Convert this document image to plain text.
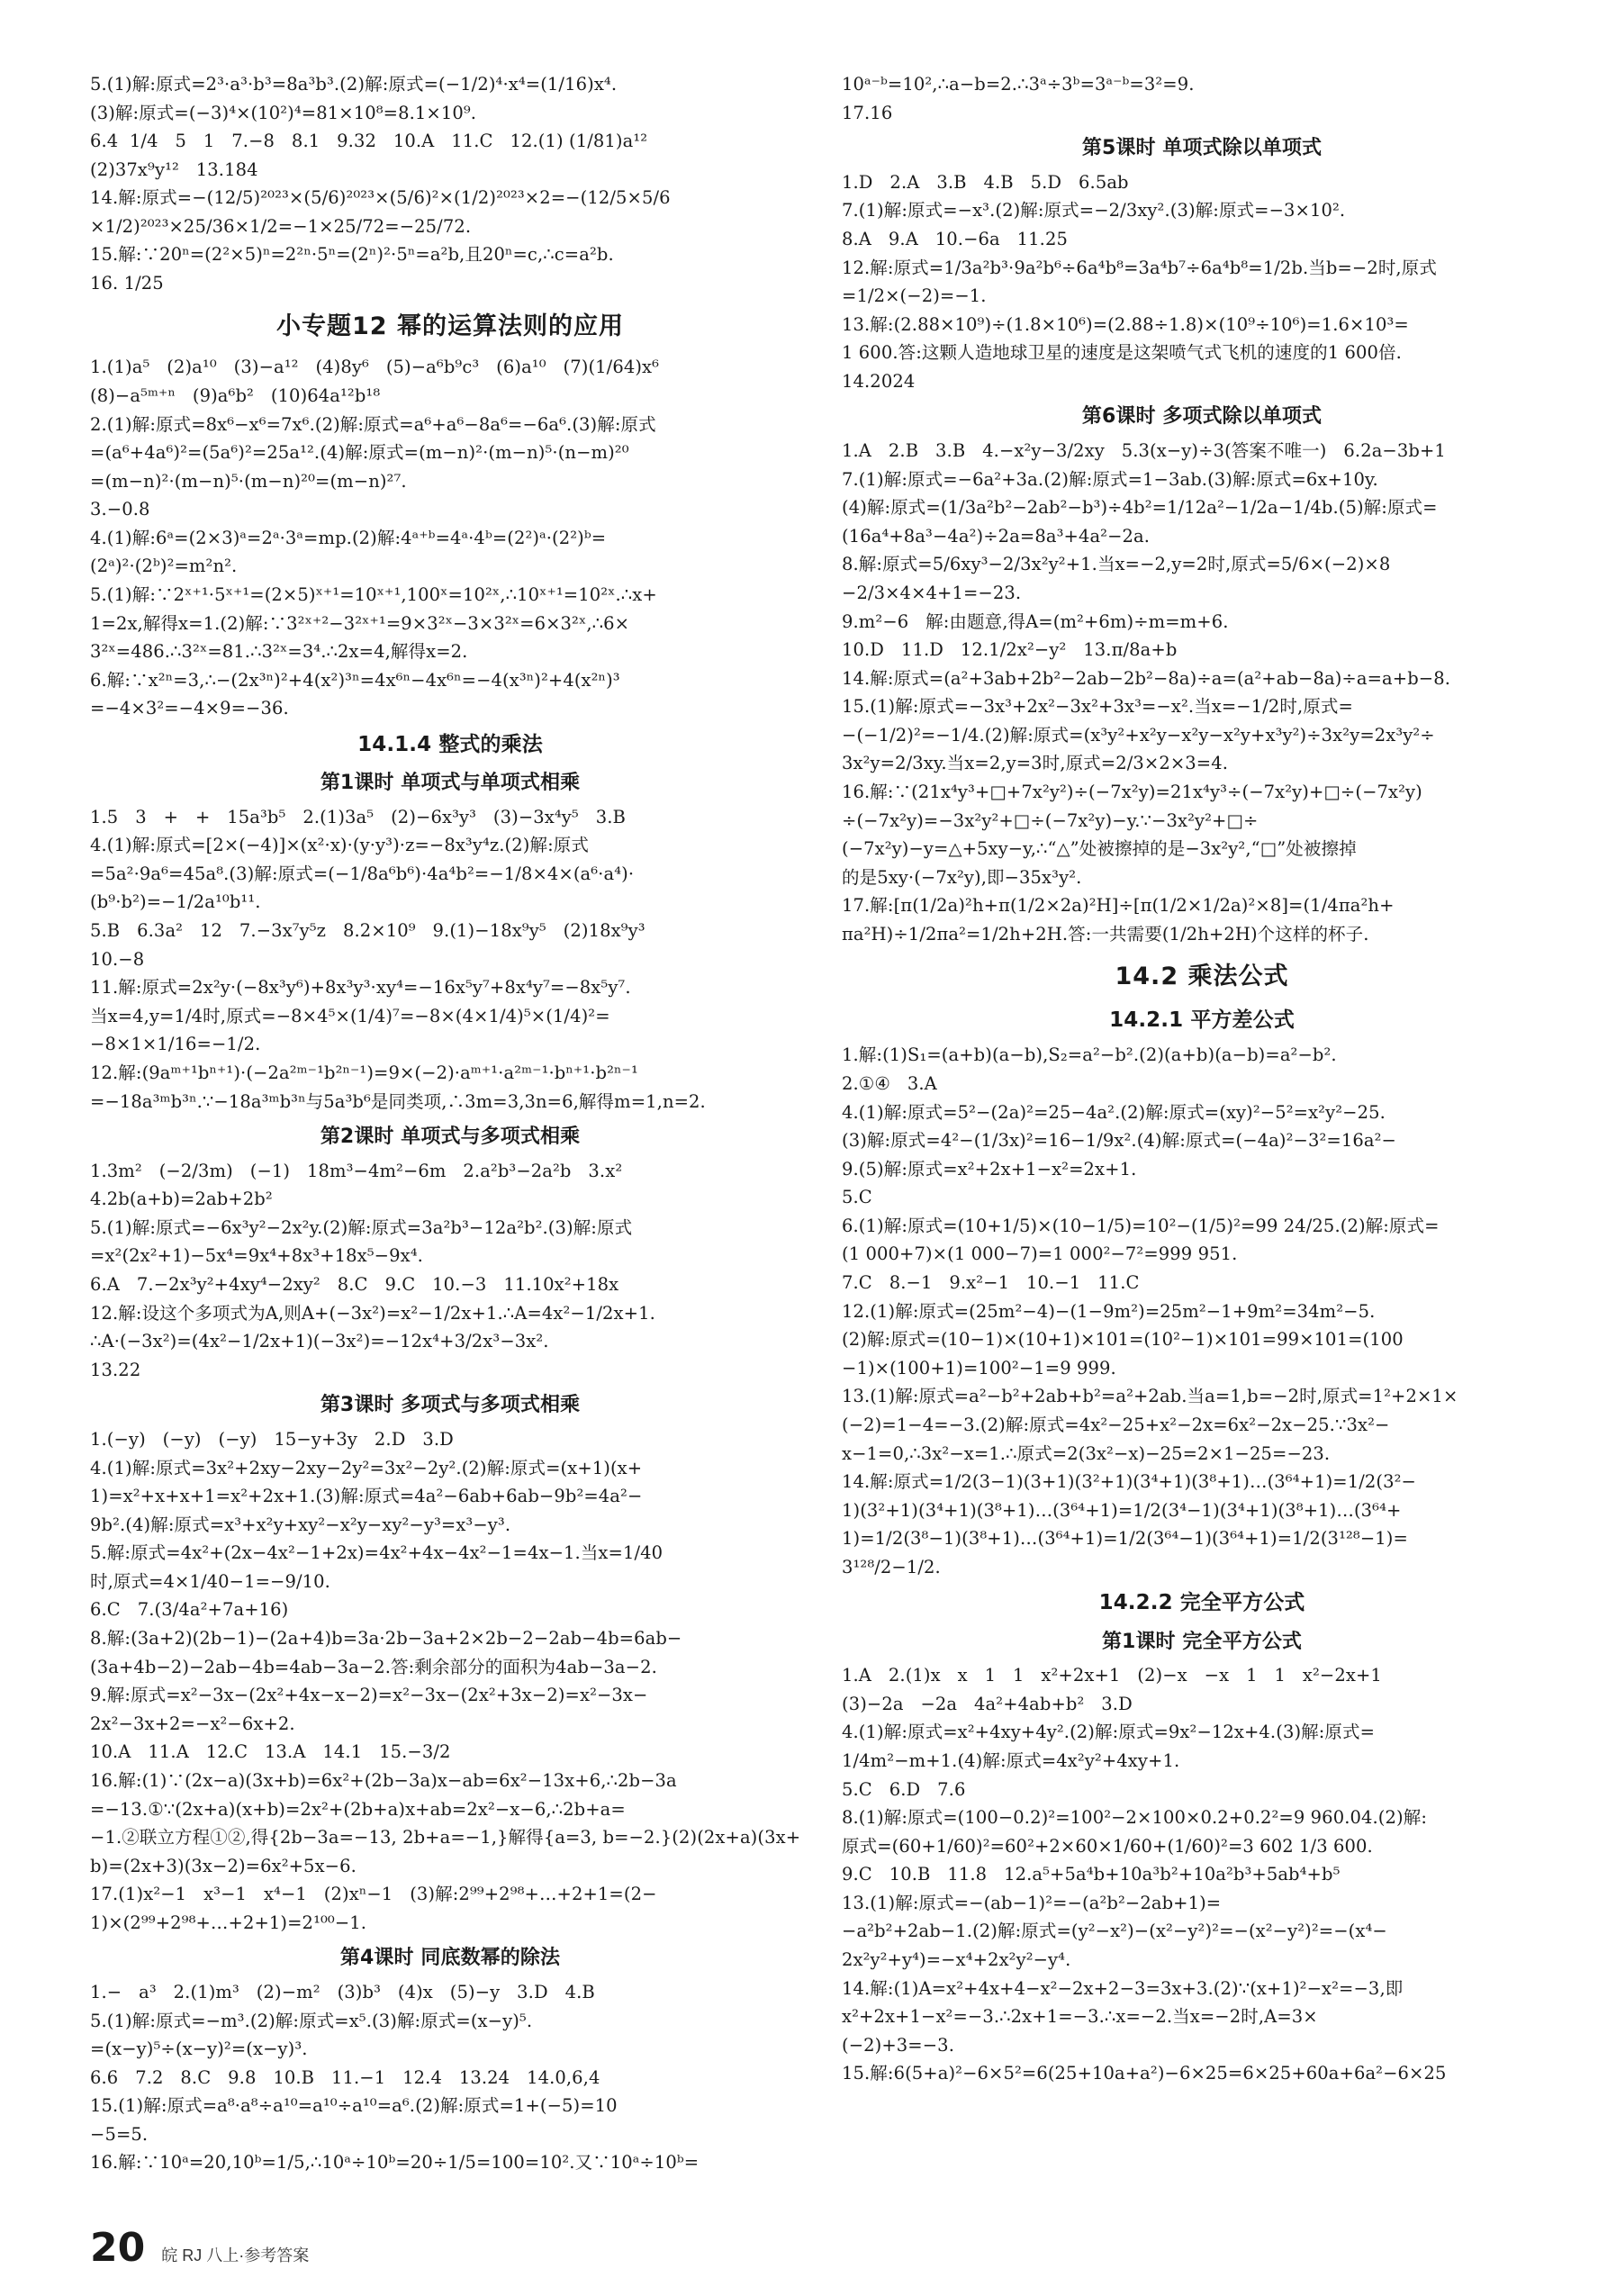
5.(1)解:原式=2³·a³·b³=8a³b³.(2)解:原式=(−1/2)⁴·x⁴=(1/16)x⁴.
(3)解:原式=(−3)⁴×(10²)⁴=81×10⁸=8.1×10⁹.
6.4  1/4   5   1   7.−8   8.1   9.32   10.A   11.C   12.(1) (1/81)a¹²
(2)37x⁹y¹²   13.184
14.解:原式=−(12/5)²⁰²³×(5/6)²⁰²³×(5/6)²×(1/2)²⁰²³×2=−(12/5×5/6
×1/2)²⁰²³×25/36×1/2=−1×25/72=−25/72.
15.解:∵20ⁿ=(2²×5)ⁿ=2²ⁿ·5ⁿ=(2ⁿ)²·5ⁿ=a²b,且20ⁿ=c,∴c=a²b.
16. 1/25
小专题12 幂的运算法则的应用
1.(1)a⁵   (2)a¹⁰   (3)−a¹²   (4)8y⁶   (5)−a⁶b⁹c³   (6)a¹⁰   (7)(1/64)x⁶
(8)−a⁵ᵐ⁺ⁿ   (9)a⁶b²   (10)64a¹²b¹⁸
2.(1)解:原式=8x⁶−x⁶=7x⁶.(2)解:原式=a⁶+a⁶−8a⁶=−6a⁶.(3)解:原式
=(a⁶+4a⁶)²=(5a⁶)²=25a¹².(4)解:原式=(m−n)²·(m−n)⁵·(n−m)²⁰
=(m−n)²·(m−n)⁵·(m−n)²⁰=(m−n)²⁷.
3.−0.8
4.(1)解:6ᵃ=(2×3)ᵃ=2ᵃ·3ᵃ=mp.(2)解:4ᵃ⁺ᵇ=4ᵃ·4ᵇ=(2²)ᵃ·(2²)ᵇ=
(2ᵃ)²·(2ᵇ)²=m²n².
5.(1)解:∵2ˣ⁺¹·5ˣ⁺¹=(2×5)ˣ⁺¹=10ˣ⁺¹,100ˣ=10²ˣ,∴10ˣ⁺¹=10²ˣ.∴x+
1=2x,解得x=1.(2)解:∵3²ˣ⁺²−3²ˣ⁺¹=9×3²ˣ−3×3²ˣ=6×3²ˣ,∴6×
3²ˣ=486.∴3²ˣ=81.∴3²ˣ=3⁴.∴2x=4,解得x=2.
6.解:∵x²ⁿ=3,∴−(2x³ⁿ)²+4(x²)³ⁿ=4x⁶ⁿ−4x⁶ⁿ=−4(x³ⁿ)²+4(x²ⁿ)³
=−4×3²=−4×9=−36.
14.1.4 整式的乘法
第1课时 单项式与单项式相乘
1.5   3   +   +   15a³b⁵   2.(1)3a⁵   (2)−6x³y³   (3)−3x⁴y⁵   3.B
4.(1)解:原式=[2×(−4)]×(x²·x)·(y·y³)·z=−8x³y⁴z.(2)解:原式
=5a²·9a⁶=45a⁸.(3)解:原式=(−1/8a⁶b⁶)·4a⁴b²=−1/8×4×(a⁶·a⁴)·
(b⁹·b²)=−1/2a¹⁰b¹¹.
5.B   6.3a²   12   7.−3x⁷y⁵z   8.2×10⁹   9.(1)−18x⁹y⁵   (2)18x⁹y³
10.−8
11.解:原式=2x²y·(−8x³y⁶)+8x³y³·xy⁴=−16x⁵y⁷+8x⁴y⁷=−8x⁵y⁷.
当x=4,y=1/4时,原式=−8×4⁵×(1/4)⁷=−8×(4×1/4)⁵×(1/4)²=
−8×1×1/16=−1/2.
12.解:(9aᵐ⁺¹bⁿ⁺¹)·(−2a²ᵐ⁻¹b²ⁿ⁻¹)=9×(−2)·aᵐ⁺¹·a²ᵐ⁻¹·bⁿ⁺¹·b²ⁿ⁻¹
=−18a³ᵐb³ⁿ.∵−18a³ᵐb³ⁿ与5a³b⁶是同类项,∴3m=3,3n=6,解得m=1,n=2.
第2课时 单项式与多项式相乘
1.3m²   (−2/3m)   (−1)   18m³−4m²−6m   2.a²b³−2a²b   3.x²
4.2b(a+b)=2ab+2b²
5.(1)解:原式=−6x³y²−2x²y.(2)解:原式=3a²b³−12a²b².(3)解:原式
=x²(2x²+1)−5x⁴=9x⁴+8x³+18x⁵−9x⁴.
6.A   7.−2x³y²+4xy⁴−2xy²   8.C   9.C   10.−3   11.10x²+18x
12.解:设这个多项式为A,则A+(−3x²)=x²−1/2x+1.∴A=4x²−1/2x+1.
∴A·(−3x²)=(4x²−1/2x+1)(−3x²)=−12x⁴+3/2x³−3x².
13.22
第3课时 多项式与多项式相乘
1.(−y)   (−y)   (−y)   15−y+3y   2.D   3.D
4.(1)解:原式=3x²+2xy−2xy−2y²=3x²−2y².(2)解:原式=(x+1)(x+
1)=x²+x+x+1=x²+2x+1.(3)解:原式=4a²−6ab+6ab−9b²=4a²−
9b².(4)解:原式=x³+x²y+xy²−x²y−xy²−y³=x³−y³.
5.解:原式=4x²+(2x−4x²−1+2x)=4x²+4x−4x²−1=4x−1.当x=1/40
时,原式=4×1/40−1=−9/10.
6.C   7.(3/4a²+7a+16)
8.解:(3a+2)(2b−1)−(2a+4)b=3a·2b−3a+2×2b−2−2ab−4b=6ab−
(3a+4b−2)−2ab−4b=4ab−3a−2.答:剩余部分的面积为4ab−3a−2.
9.解:原式=x²−3x−(2x²+4x−x−2)=x²−3x−(2x²+3x−2)=x²−3x−
2x²−3x+2=−x²−6x+2.
10.A   11.A   12.C   13.A   14.1   15.−3/2
16.解:(1)∵(2x−a)(3x+b)=6x²+(2b−3a)x−ab=6x²−13x+6,∴2b−3a
=−13.①∵(2x+a)(x+b)=2x²+(2b+a)x+ab=2x²−x−6,∴2b+a=
−1.②联立方程①②,得{2b−3a=−13, 2b+a=−1,}解得{a=3, b=−2.}(2)(2x+a)(3x+
b)=(2x+3)(3x−2)=6x²+5x−6.
17.(1)x²−1   x³−1   x⁴−1   (2)xⁿ−1   (3)解:2⁹⁹+2⁹⁸+…+2+1=(2−
1)×(2⁹⁹+2⁹⁸+…+2+1)=2¹⁰⁰−1.
第4课时 同底数幂的除法
1.−   a³   2.(1)m³   (2)−m²   (3)b³   (4)x   (5)−y   3.D   4.B
5.(1)解:原式=−m³.(2)解:原式=x⁵.(3)解:原式=(x−y)⁵.
=(x−y)⁵÷(x−y)²=(x−y)³.
6.6   7.2   8.C   9.8   10.B   11.−1   12.4   13.24   14.0,6,4
15.(1)解:原式=a⁸·a⁸÷a¹⁰=a¹⁰÷a¹⁰=a⁶.(2)解:原式=1+(−5)=10
−5=5.
16.解:∵10ᵃ=20,10ᵇ=1/5,∴10ᵃ÷10ᵇ=20÷1/5=100=10².又∵10ᵃ÷10ᵇ=
10ᵃ⁻ᵇ=10²,∴a−b=2.∴3ᵃ÷3ᵇ=3ᵃ⁻ᵇ=3²=9.
17.16
第5课时 单项式除以单项式
1.D   2.A   3.B   4.B   5.D   6.5ab
7.(1)解:原式=−x³.(2)解:原式=−2/3xy².(3)解:原式=−3×10².
8.A   9.A   10.−6a   11.25
12.解:原式=1/3a²b³·9a²b⁶÷6a⁴b⁸=3a⁴b⁷÷6a⁴b⁸=1/2b.当b=−2时,原式
=1/2×(−2)=−1.
13.解:(2.88×10⁹)÷(1.8×10⁶)=(2.88÷1.8)×(10⁹÷10⁶)=1.6×10³=
1 600.答:这颗人造地球卫星的速度是这架喷气式飞机的速度的1 600倍.
14.2024
第6课时 多项式除以单项式
1.A   2.B   3.B   4.−x²y−3/2xy   5.3(x−y)÷3(答案不唯一)   6.2a−3b+1
7.(1)解:原式=−6a²+3a.(2)解:原式=1−3ab.(3)解:原式=6x+10y.
(4)解:原式=(1/3a²b²−2ab²−b³)÷4b²=1/12a²−1/2a−1/4b.(5)解:原式=
(16a⁴+8a³−4a²)÷2a=8a³+4a²−2a.
8.解:原式=5/6xy³−2/3x²y²+1.当x=−2,y=2时,原式=5/6×(−2)×8
−2/3×4×4+1=−23.
9.m²−6   解:由题意,得A=(m²+6m)÷m=m+6.
10.D   11.D   12.1/2x²−y²   13.π/8a+b
14.解:原式=(a²+3ab+2b²−2ab−2b²−8a)÷a=(a²+ab−8a)÷a=a+b−8.
15.(1)解:原式=−3x³+2x²−3x²+3x³=−x².当x=−1/2时,原式=
−(−1/2)²=−1/4.(2)解:原式=(x³y²+x²y−x²y−x²y+x³y²)÷3x²y=2x³y²÷
3x²y=2/3xy.当x=2,y=3时,原式=2/3×2×3=4.
16.解:∵(21x⁴y³+□+7x²y²)÷(−7x²y)=21x⁴y³÷(−7x²y)+□÷(−7x²y)
÷(−7x²y)=−3x²y²+□÷(−7x²y)−y.∵−3x²y²+□÷
(−7x²y)−y=△+5xy−y,∴“△”处被擦掉的是−3x²y²,“□”处被擦掉
的是5xy·(−7x²y),即−35x³y².
17.解:[π(1/2a)²h+π(1/2×2a)²H]÷[π(1/2×1/2a)²×8]=(1/4πa²h+
πa²H)÷1/2πa²=1/2h+2H.答:一共需要(1/2h+2H)个这样的杯子.
14.2 乘法公式
14.2.1 平方差公式
1.解:(1)S₁=(a+b)(a−b),S₂=a²−b².(2)(a+b)(a−b)=a²−b².
2.①④   3.A
4.(1)解:原式=5²−(2a)²=25−4a².(2)解:原式=(xy)²−5²=x²y²−25.
(3)解:原式=4²−(1/3x)²=16−1/9x².(4)解:原式=(−4a)²−3²=16a²−
9.(5)解:原式=x²+2x+1−x²=2x+1.
5.C
6.(1)解:原式=(10+1/5)×(10−1/5)=10²−(1/5)²=99 24/25.(2)解:原式=
(1 000+7)×(1 000−7)=1 000²−7²=999 951.
7.C   8.−1   9.x²−1   10.−1   11.C
12.(1)解:原式=(25m²−4)−(1−9m²)=25m²−1+9m²=34m²−5.
(2)解:原式=(10−1)×(10+1)×101=(10²−1)×101=99×101=(100
−1)×(100+1)=100²−1=9 999.
13.(1)解:原式=a²−b²+2ab+b²=a²+2ab.当a=1,b=−2时,原式=1²+2×1×
(−2)=1−4=−3.(2)解:原式=4x²−25+x²−2x=6x²−2x−25.∵3x²−
x−1=0,∴3x²−x=1.∴原式=2(3x²−x)−25=2×1−25=−23.
14.解:原式=1/2(3−1)(3+1)(3²+1)(3⁴+1)(3⁸+1)…(3⁶⁴+1)=1/2(3²−
1)(3²+1)(3⁴+1)(3⁸+1)…(3⁶⁴+1)=1/2(3⁴−1)(3⁴+1)(3⁸+1)…(3⁶⁴+
1)=1/2(3⁸−1)(3⁸+1)…(3⁶⁴+1)=1/2(3⁶⁴−1)(3⁶⁴+1)=1/2(3¹²⁸−1)=
3¹²⁸/2−1/2.
14.2.2 完全平方公式
第1课时 完全平方公式
1.A   2.(1)x   x   1   1   x²+2x+1   (2)−x   −x   1   1   x²−2x+1
(3)−2a   −2a   4a²+4ab+b²   3.D
4.(1)解:原式=x²+4xy+4y².(2)解:原式=9x²−12x+4.(3)解:原式=
1/4m²−m+1.(4)解:原式=4x²y²+4xy+1.
5.C   6.D   7.6
8.(1)解:原式=(100−0.2)²=100²−2×100×0.2+0.2²=9 960.04.(2)解:
原式=(60+1/60)²=60²+2×60×1/60+(1/60)²=3 602 1/3 600.
9.C   10.B   11.8   12.a⁵+5a⁴b+10a³b²+10a²b³+5ab⁴+b⁵
13.(1)解:原式=−(ab−1)²=−(a²b²−2ab+1)=
−a²b²+2ab−1.(2)解:原式=(y²−x²)−(x²−y²)²=−(x²−y²)²=−(x⁴−
2x²y²+y⁴)=−x⁴+2x²y²−y⁴.
14.解:(1)A=x²+4x+4−x²−2x+2−3=3x+3.(2)∵(x+1)²−x²=−3,即
x²+2x+1−x²=−3.∴2x+1=−3.∴x=−2.当x=−2时,A=3×
(−2)+3=−3.
15.解:6(5+a)²−6×5²=6(25+10a+a²)−6×25=6×25+60a+6a²−6×25
20 皖 RJ 八上·参考答案
